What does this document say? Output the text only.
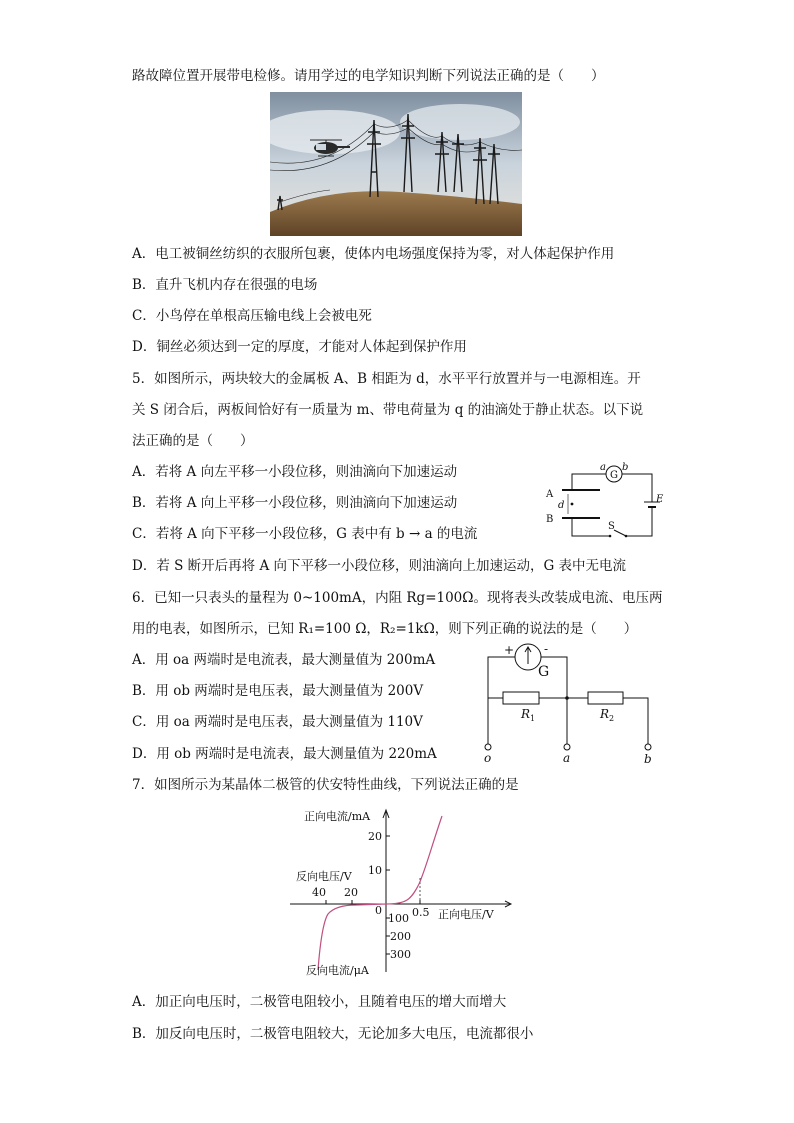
路故障位置开展带电检修。请用学过的电学知识判断下列说法正确的是（　　）
A．电工被铜丝纺织的衣服所包裹，使体内电场强度保持为零，对人体起保护作用
B．直升飞机内存在很强的电场
C．小鸟停在单根高压输电线上会被电死
D．铜丝必须达到一定的厚度，才能对人体起到保护作用
5．如图所示，两块较大的金属板 A、B 相距为 d，水平平行放置并与一电源相连。开
关 S 闭合后，两板间恰好有一质量为 m、带电荷量为 q 的油滴处于静止状态。以下说
法正确的是（　　）
A．若将 A 向左平移一小段位移，则油滴向下加速运动
B．若将 A 向上平移一小段位移，则油滴向下加速运动
C．若将 A 向下平移一小段位移，G 表中有 b → a 的电流
D．若 S 断开后再将 A 向下平移一小段位移，则油滴向上加速运动，G 表中无电流
G
a b
A
B
d
E
S
6．已知一只表头的量程为 0~100mA，内阻 Rg=100Ω。现将表头改装成电流、电压两
用的电表，如图所示，已知 R₁=100 Ω，R₂=1kΩ，则下列正确的说法的是（　　）
A．用 oa 两端时是电流表，最大测量值为 200mA
B．用 ob 两端时是电压表，最大测量值为 200V
C．用 oa 两端时是电压表，最大测量值为 110V
D．用 ob 两端时是电流表，最大测量值为 220mA
+ -
G
R 1	R 2
o	a	b
7．如图所示为某晶体二极管的伏安特性曲线，下列说法正确的是
正向电流/mA
20
10
反向电压/V
40 20
0	0.5 正向电压/V
100
200
300
反向电流/μA
A．加正向电压时，二极管电阻较小，且随着电压的增大而增大
B．加反向电压时，二极管电阻较大，无论加多大电压，电流都很小
